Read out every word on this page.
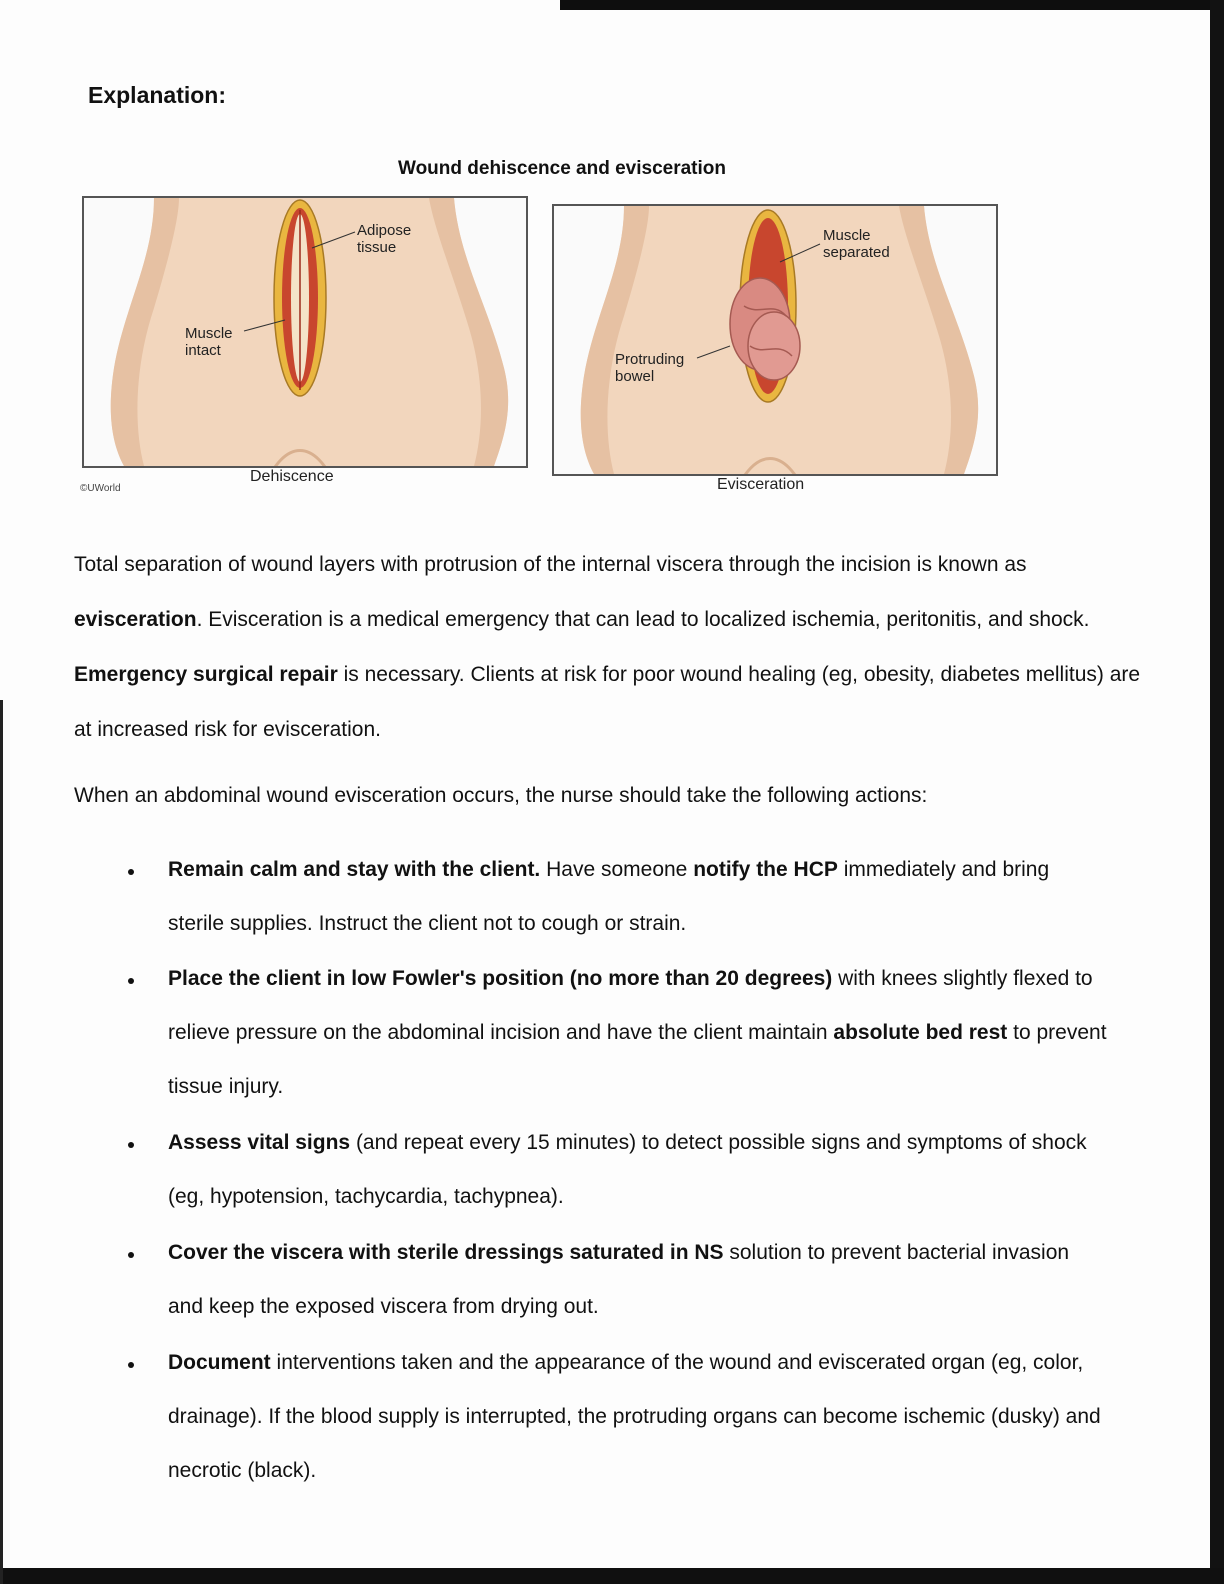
Explanation:
Wound dehiscence and evisceration
Adipose
tissue
Muscle
intact
Dehiscence
©UWorld
Muscle
separated
Protruding
bowel
Evisceration
Total separation of wound layers with protrusion of the internal viscera through the incision is known as evisceration. Evisceration is a medical emergency that can lead to localized ischemia, peritonitis, and shock. Emergency surgical repair is necessary. Clients at risk for poor wound healing (eg, obesity, diabetes mellitus) are at increased risk for evisceration.
When an abdominal wound evisceration occurs, the nurse should take the following actions:
Remain calm and stay with the client. Have someone notify the HCP immediately and bring sterile supplies. Instruct the client not to cough or strain.
Place the client in low Fowler's position (no more than 20 degrees) with knees slightly flexed to relieve pressure on the abdominal incision and have the client maintain absolute bed rest to prevent tissue injury.
Assess vital signs (and repeat every 15 minutes) to detect possible signs and symptoms of shock (eg, hypotension, tachycardia, tachypnea).
Cover the viscera with sterile dressings saturated in NS solution to prevent bacterial invasion and keep the exposed viscera from drying out.
Document interventions taken and the appearance of the wound and eviscerated organ (eg, color, drainage). If the blood supply is interrupted, the protruding organs can become ischemic (dusky) and necrotic (black).
